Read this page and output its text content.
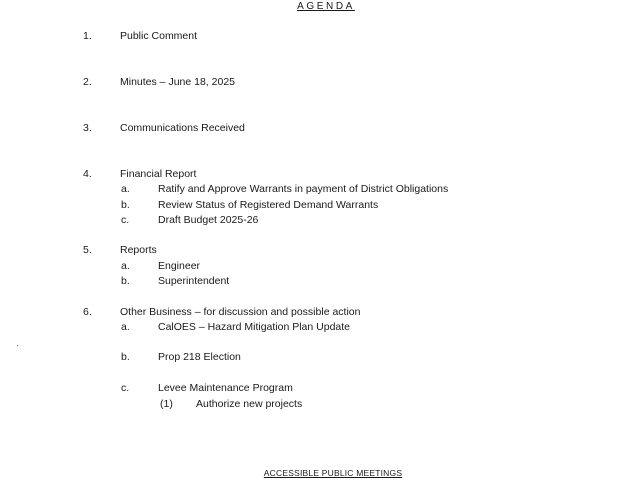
AGENDA
1.	Public Comment
2.	Minutes – June 18, 2025
3.	Communications Received
4.	Financial Report
a.	Ratify and Approve Warrants in payment of District Obligations
b.	Review Status of Registered Demand Warrants
c.	Draft Budget 2025-26
5.	Reports
a.	Engineer
b.	Superintendent
6.	Other Business – for discussion and possible action
a.	CalOES – Hazard Mitigation Plan Update
b.	Prop 218 Election
c.	Levee Maintenance Program
(1) Authorize new projects
ACCESSIBLE PUBLIC MEETINGS
